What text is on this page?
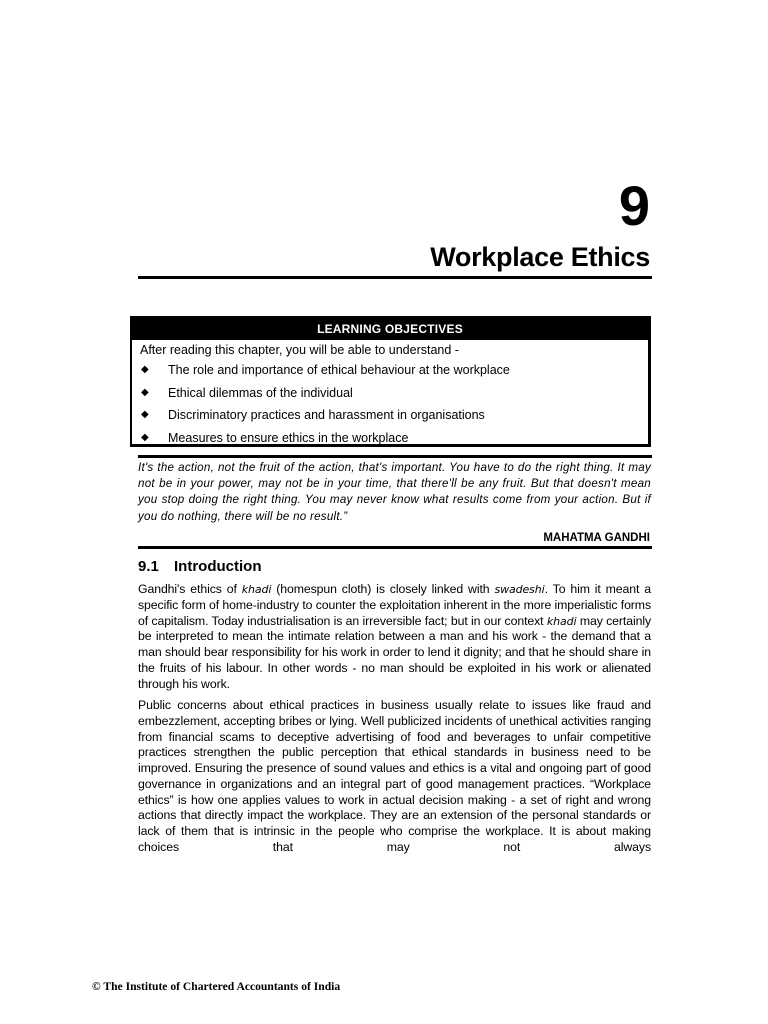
9
Workplace Ethics
LEARNING OBJECTIVES
After reading this chapter, you will be able to understand -
◆ The role and importance of ethical behaviour at the workplace
◆ Ethical dilemmas of the individual
◆ Discriminatory practices and harassment in organisations
◆ Measures to ensure ethics in the workplace
It's the action, not the fruit of the action, that's important. You have to do the right thing. It may not be in your power, may not be in your time, that there'll be any fruit. But that doesn't mean you stop doing the right thing. You may never know what results come from your action. But if you do nothing, there will be no result.”
MAHATMA GANDHI
9.1 Introduction

Gandhi's ethics of khadi (homespun cloth) is closely linked with swadeshi. To him it meant a specific form of home-industry to counter the exploitation inherent in the more imperialistic forms of capitalism. Today industrialisation is an irreversible fact; but in our context khadi may certainly be interpreted to mean the intimate relation between a man and his work - the demand that a man should bear responsibility for his work in order to lend it dignity; and that he should share in the fruits of his labour. In other words - no man should be exploited in his work or alienated through his work.

Public concerns about ethical practices in business usually relate to issues like fraud and embezzlement, accepting bribes or lying. Well publicized incidents of unethical activities ranging from financial scams to deceptive advertising of food and beverages to unfair competitive practices strengthen the public perception that ethical standards in business need to be improved. Ensuring the presence of sound values and ethics is a vital and ongoing part of good governance in organizations and an integral part of good management practices. “Workplace ethics” is how one applies values to work in actual decision making - a set of right and wrong actions that directly impact the workplace. They are an extension of the personal standards or lack of them that is intrinsic in the people who comprise the workplace. It is about making choices that may not always

© The Institute of Chartered Accountants of India
